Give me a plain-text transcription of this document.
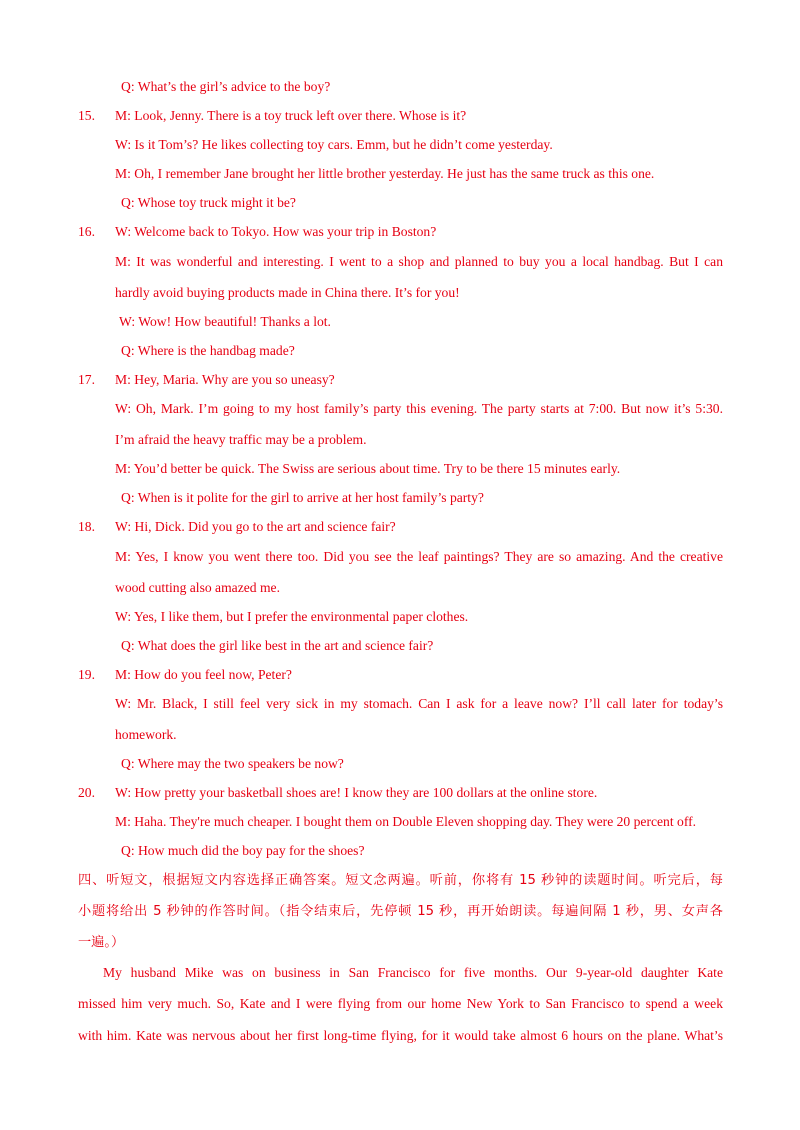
Q: What’s the girl’s advice to the boy?
15. M: Look, Jenny. There is a toy truck left over there. Whose is it?
W: Is it Tom’s? He likes collecting toy cars. Emm, but he didn’t come yesterday.
M: Oh, I remember Jane brought her little brother yesterday. He just has the same truck as this one.
Q: Whose toy truck might it be?
16. W: Welcome back to Tokyo. How was your trip in Boston?
M: It was wonderful and interesting. I went to a shop and planned to buy you a local handbag. But I can
hardly avoid buying products made in China there. It’s for you!
W: Wow! How beautiful! Thanks a lot.
Q: Where is the handbag made?
17. M: Hey, Maria. Why are you so uneasy?
W: Oh, Mark. I’m going to my host family’s party this evening. The party starts at 7:00. But now it’s 5:30.
I’m afraid the heavy traffic may be a problem.
M: You’d better be quick. The Swiss are serious about time. Try to be there 15 minutes early.
Q: When is it polite for the girl to arrive at her host family’s party?
18. W: Hi, Dick. Did you go to the art and science fair?
M: Yes, I know you went there too. Did you see the leaf paintings? They are so amazing. And the creative
wood cutting also amazed me.
W: Yes, I like them, but I prefer the environmental paper clothes.
Q: What does the girl like best in the art and science fair?
19. M: How do you feel now, Peter?
W: Mr. Black, I still feel very sick in my stomach. Can I ask for a leave now? I’ll call later for today’s
homework.
Q: Where may the two speakers be now?
20. W: How pretty your basketball shoes are! I know they are 100 dollars at the online store.
M: Haha. They're much cheaper. I bought them on Double Eleven shopping day. They were 20 percent off.
Q: How much did the boy pay for the shoes?
四、听短文，根据短文内容选择正确答案。短文念两遍。听前，你将有 15 秒钟的读题时间。听完后，每
小题将给出 5 秒钟的作答时间。（指令结束后，先停顿 15 秒，再开始朗读。每遍间隔 1 秒，男、女声各
一遍。）
My husband Mike was on business in San Francisco for five months. Our 9-year-old daughter Kate
missed him very much. So, Kate and I were flying from our home New York to San Francisco to spend a week
with him. Kate was nervous about her first long-time flying, for it would take almost 6 hours on the plane. What’s
